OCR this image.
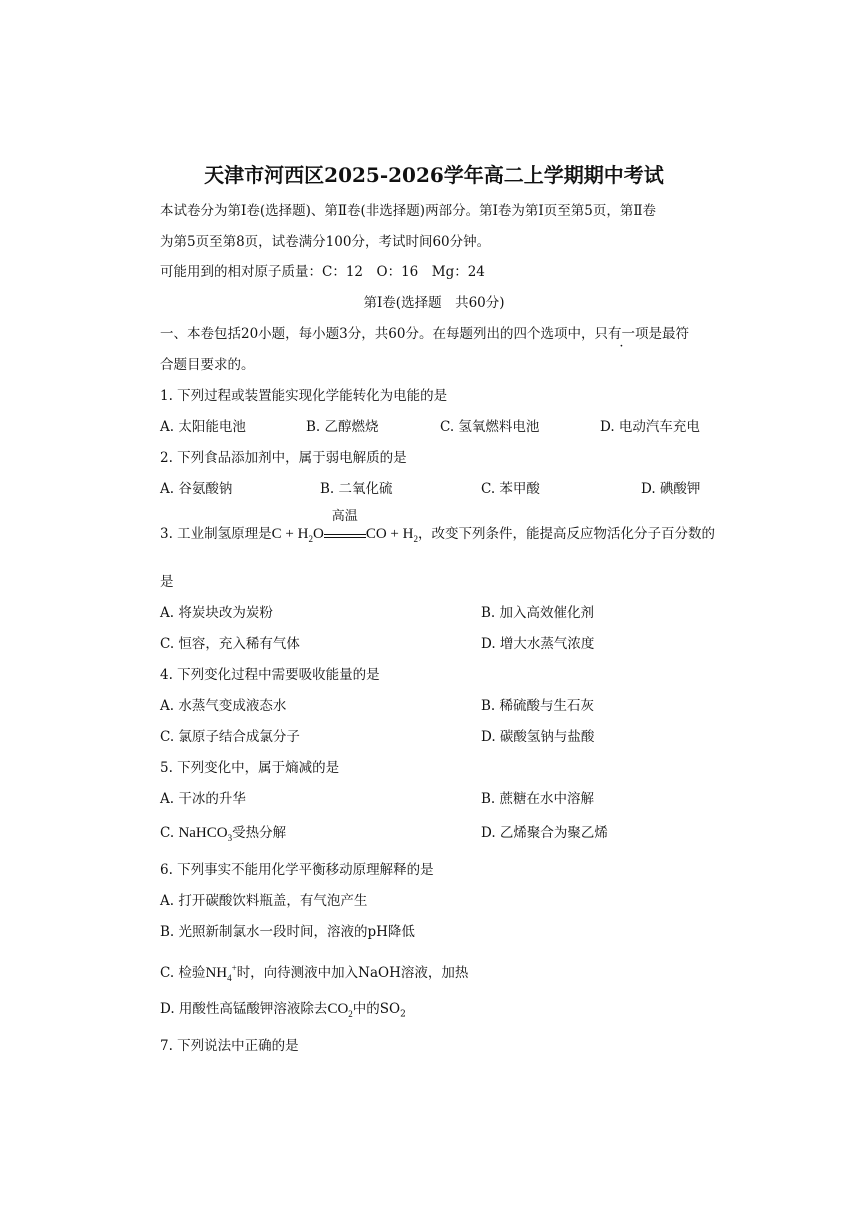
天津市河西区2025-2026学年高二上学期期中考试
本试卷分为第Ⅰ卷(选择题)、第Ⅱ卷(非选择题)两部分。第Ⅰ卷为第Ⅰ页至第5页，第Ⅱ卷
为第5页至第8页，试卷满分100分，考试时间60分钟。
可能用到的相对原子质量：C：12　O：16　Mg：24
第Ⅰ卷(选择题　共60分)
一、本卷包括20小题，每小题3分，共60分。在每题列出的四个选项中，只有一项是最符
合题目要求的。
1. 下列过程或装置能实现化学能转化为电能的是
A. 太阳能电池	B. 乙醇燃烧	C. 氢氧燃料电池	D. 电动汽车充电
2. 下列食品添加剂中，属于弱电解质的是
A. 谷氨酸钠	B. 二氧化硫	C. 苯甲酸	D. 碘酸钾
3. 工业制氢原理是$C + H_2O$
高温
CO + $H_2$，改变下列条件，能提高反应物活化分子百分数的
是
A. 将炭块改为炭粉	B. 加入高效催化剂
C. 恒容，充入稀有气体	D. 增大水蒸气浓度
4. 下列变化过程中需要吸收能量的是
A. 水蒸气变成液态水	B. 稀硫酸与生石灰
C. 氯原子结合成氯分子	D. 碳酸氢钠与盐酸
5. 下列变化中，属于熵减的是
A. 干冰的升华	B. 蔗糖在水中溶解
C. NaHCO$_3$受热分解	D. 乙烯聚合为聚乙烯
6. 下列事实不能用化学平衡移动原理解释的是
A. 打开碳酸饮料瓶盖，有气泡产生
B. 光照新制氯水一段时间，溶液的pH降低
C. 检验$NH_4^+$时，向待测液中加入NaOH溶液，加热
D. 用酸性高锰酸钾溶液除去$CO_2$中的$SO_2$
7. 下列说法中正确的是
